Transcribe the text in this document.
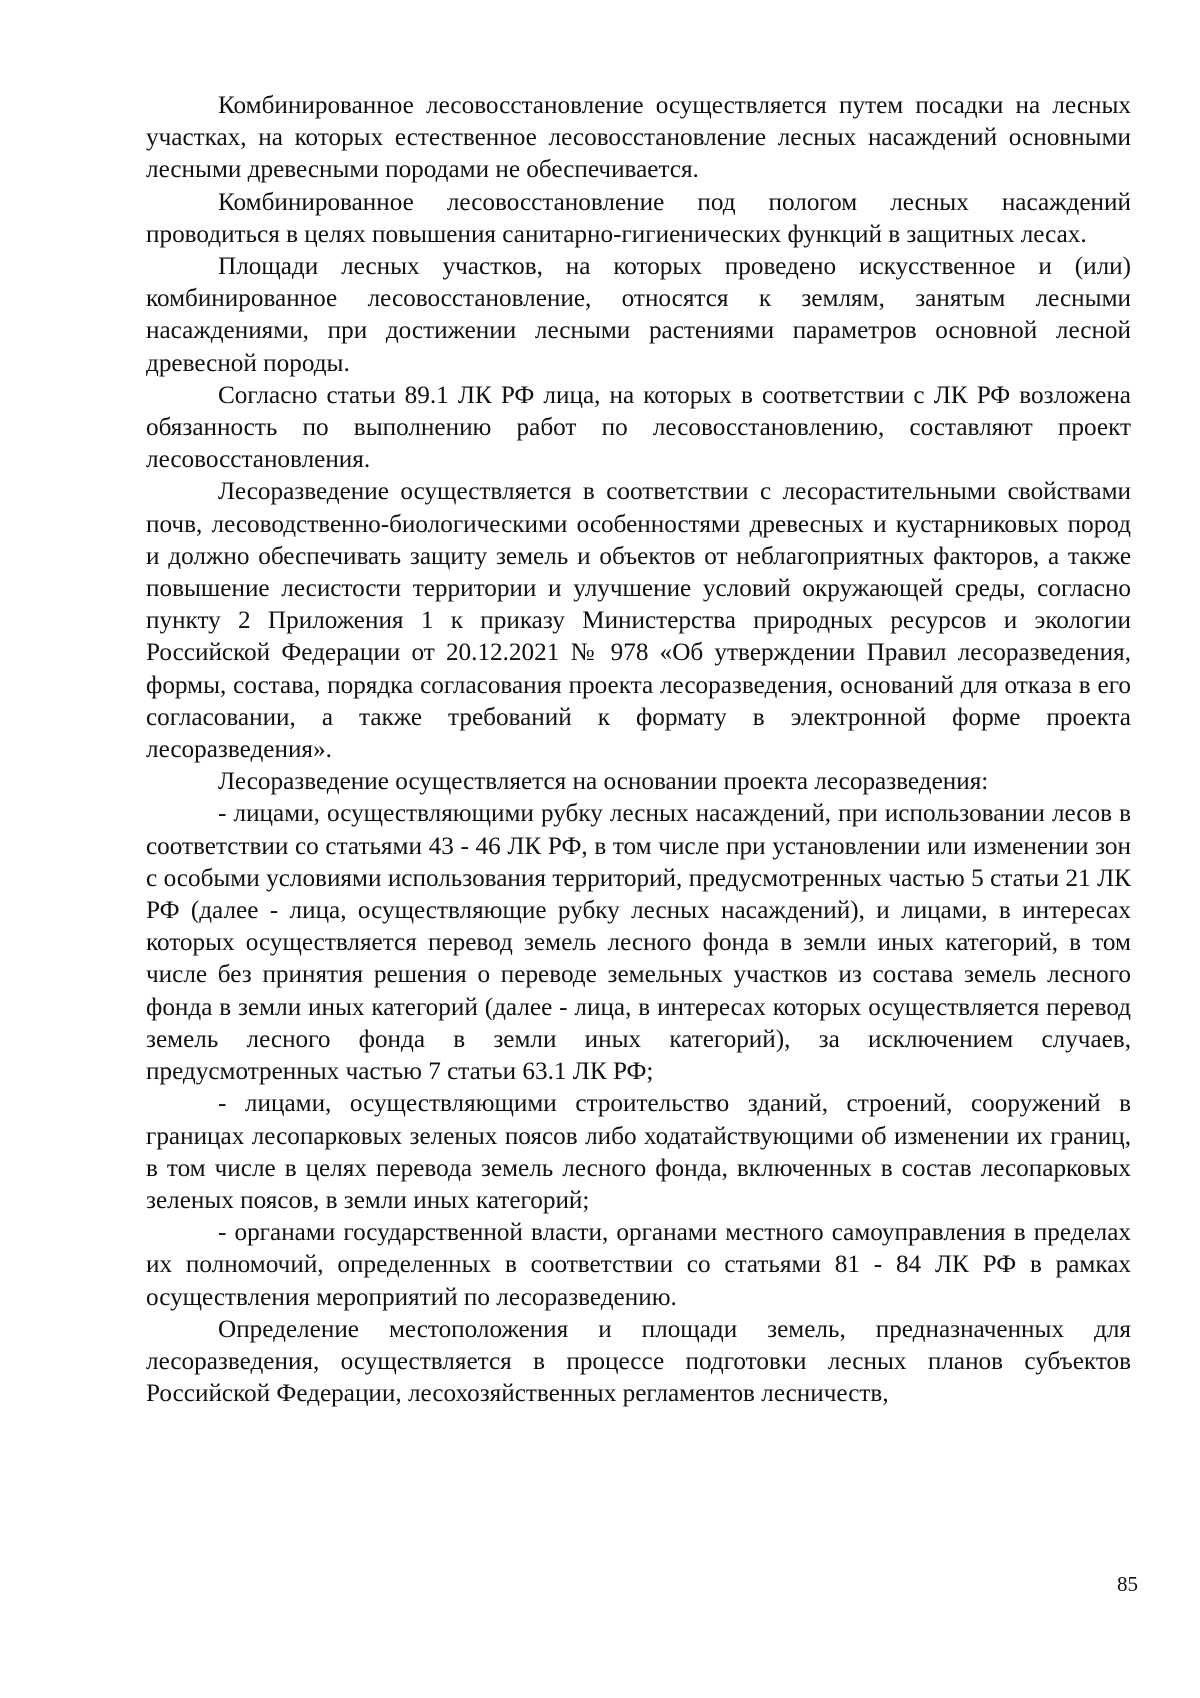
Комбинированное лесовосстановление осуществляется путем посадки на лесных участках, на которых естественное лесовосстановление лесных насаждений основными лесными древесными породами не обеспечивается.

Комбинированное лесовосстановление под пологом лесных насаждений проводиться в целях повышения санитарно-гигиенических функций в защитных лесах.

Площади лесных участков, на которых проведено искусственное и (или) комбинированное лесовосстановление, относятся к землям, занятым лесными насаждениями, при достижении лесными растениями параметров основной лесной древесной породы.

Согласно статьи 89.1 ЛК РФ лица, на которых в соответствии с ЛК РФ возложена обязанность по выполнению работ по лесовосстановлению, составляют проект лесовосстановления.

Лесоразведение осуществляется в соответствии с лесорастительными свойствами почв, лесоводственно-биологическими особенностями древесных и кустарниковых пород и должно обеспечивать защиту земель и объектов от неблагоприятных факторов, а также повышение лесистости территории и улучшение условий окружающей среды, согласно пункту 2 Приложения 1 к приказу Министерства природных ресурсов и экологии Российской Федерации от 20.12.2021 № 978 «Об утверждении Правил лесоразведения, формы, состава, порядка согласования проекта лесоразведения, оснований для отказа в его согласовании, а также требований к формату в электронной форме проекта лесоразведения».

Лесоразведение осуществляется на основании проекта лесоразведения:

- лицами, осуществляющими рубку лесных насаждений, при использовании лесов в соответствии со статьями 43 - 46 ЛК РФ, в том числе при установлении или изменении зон с особыми условиями использования территорий, предусмотренных частью 5 статьи 21 ЛК РФ (далее - лица, осуществляющие рубку лесных насаждений), и лицами, в интересах которых осуществляется перевод земель лесного фонда в земли иных категорий, в том числе без принятия решения о переводе земельных участков из состава земель лесного фонда в земли иных категорий (далее - лица, в интересах которых осуществляется перевод земель лесного фонда в земли иных категорий), за исключением случаев, предусмотренных частью 7 статьи 63.1 ЛК РФ;

- лицами, осуществляющими строительство зданий, строений, сооружений в границах лесопарковых зеленых поясов либо ходатайствующими об изменении их границ, в том числе в целях перевода земель лесного фонда, включенных в состав лесопарковых зеленых поясов, в земли иных категорий;

- органами государственной власти, органами местного самоуправления в пределах их полномочий, определенных в соответствии со статьями 81 - 84 ЛК РФ в рамках осуществления мероприятий по лесоразведению.

Определение местоположения и площади земель, предназначенных для лесоразведения, осуществляется в процессе подготовки лесных планов субъектов Российской Федерации, лесохозяйственных регламентов лесничеств,

85
